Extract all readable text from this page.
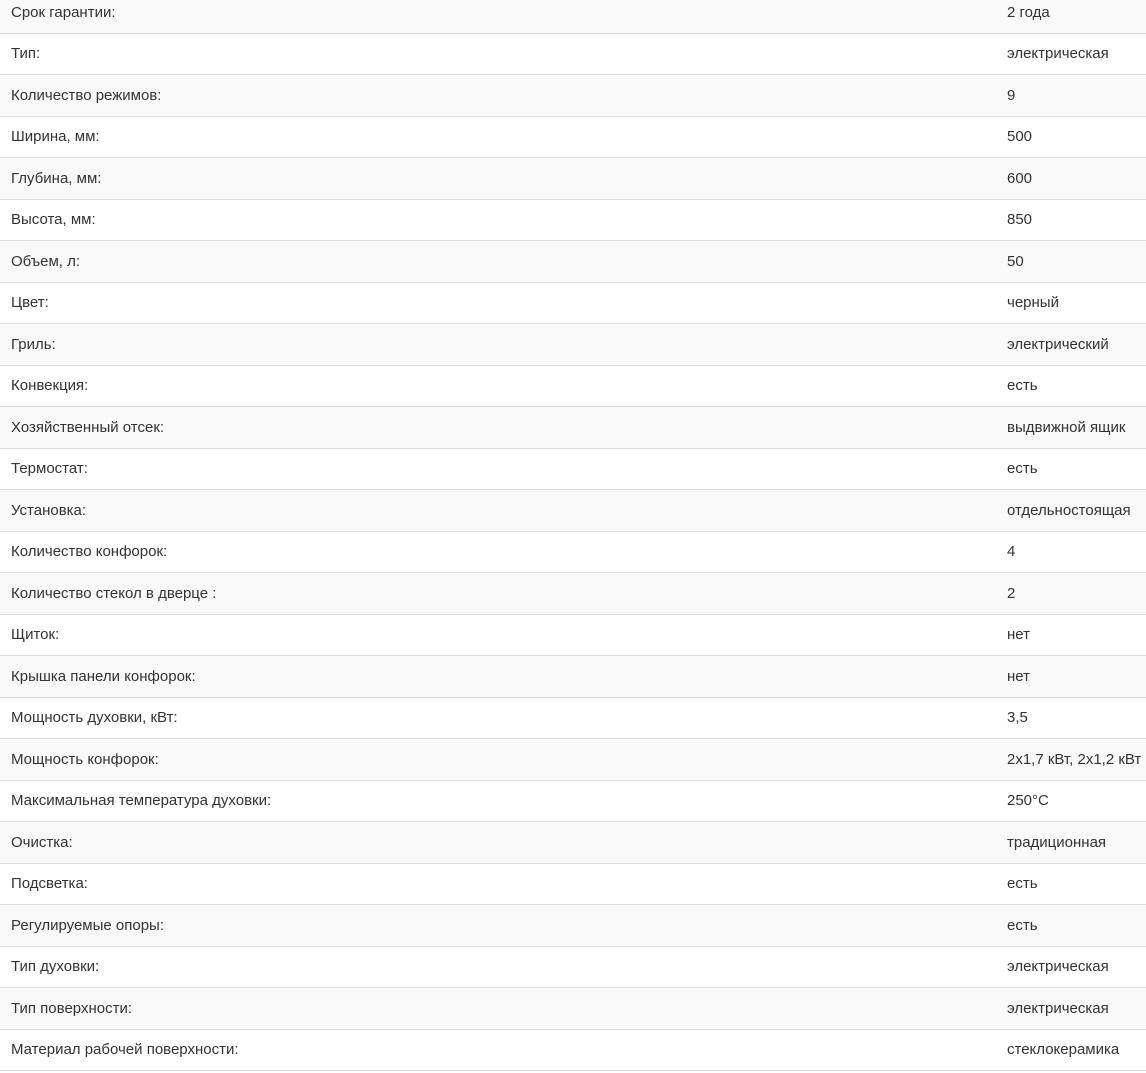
Срок гарантии:	2 года
Тип:	электрическая
Количество режимов:	9
Ширина, мм:	500
Глубина, мм:	600
Высота, мм:	850
Объем, л:	50
Цвет:	черный
Гриль:	электрический
Конвекция:	есть
Хозяйственный отсек:	выдвижной ящик
Термостат:	есть
Установка:	отдельностоящая
Количество конфорок:	4
Количество стекол в дверце :	2
Щиток:	нет
Крышка панели конфорок:	нет
Мощность духовки, кВт:	3,5
Мощность конфорок:	2х1,7 кВт, 2х1,2 кВт
Максимальная температура духовки:	250°C
Очистка:	традиционная
Подсветка:	есть
Регулируемые опоры:	есть
Тип духовки:	электрическая
Тип поверхности:	электрическая
Материал рабочей поверхности:	стеклокерамика
